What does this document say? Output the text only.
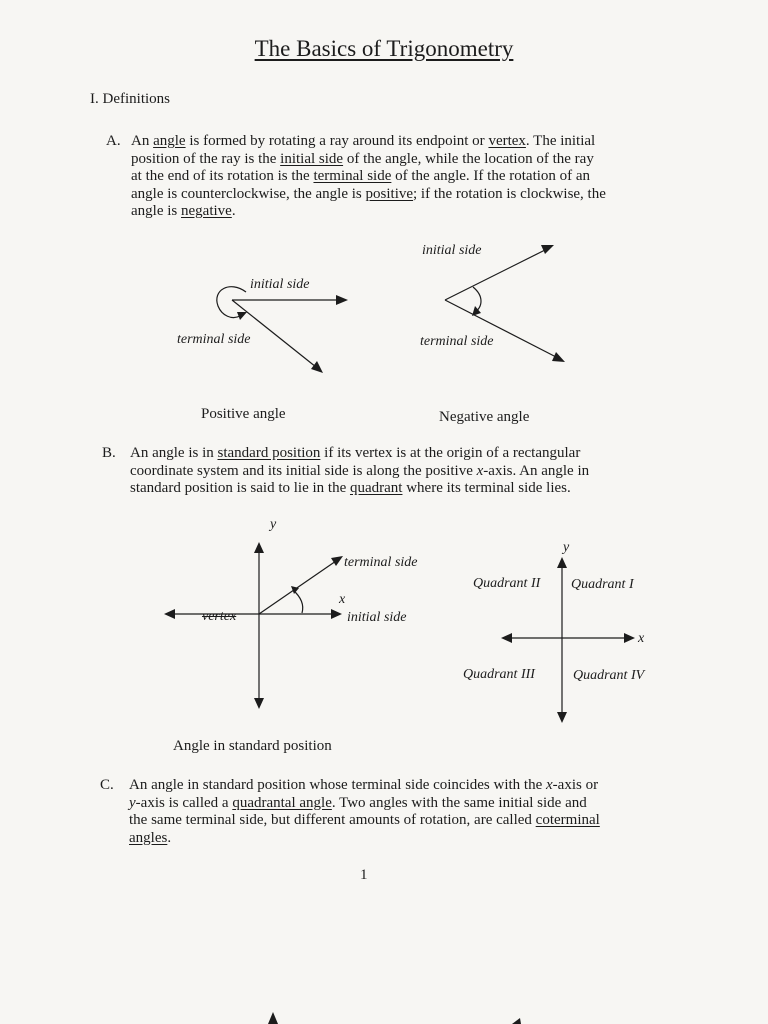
The Basics of Trigonometry
I. Definitions
A. An angle is formed by rotating a ray around its endpoint or vertex. The initial
position of the ray is the initial side of the angle, while the location of the ray
at the end of its rotation is the terminal side of the angle. If the rotation of an
angle is counterclockwise, the angle is positive; if the rotation is clockwise, the
angle is negative.
initial side
terminal side
initial side
terminal side
Positive angle	Negative angle
B. An angle is in standard position if its vertex is at the origin of a rectangular
coordinate system and its initial side is along the positive x-axis. An angle in
standard position is said to lie in the quadrant where its terminal side lies.
y
terminal side
x
initial side
vertex
Angle in standard position
y
x
Quadrant II Quadrant I
Quadrant III	Quadrant IV
C. An angle in standard position whose terminal side coincides with the x-axis or
y-axis is called a quadrantal angle. Two angles with the same initial side and
the same terminal side, but different amounts of rotation, are called coterminal
angles.
1
